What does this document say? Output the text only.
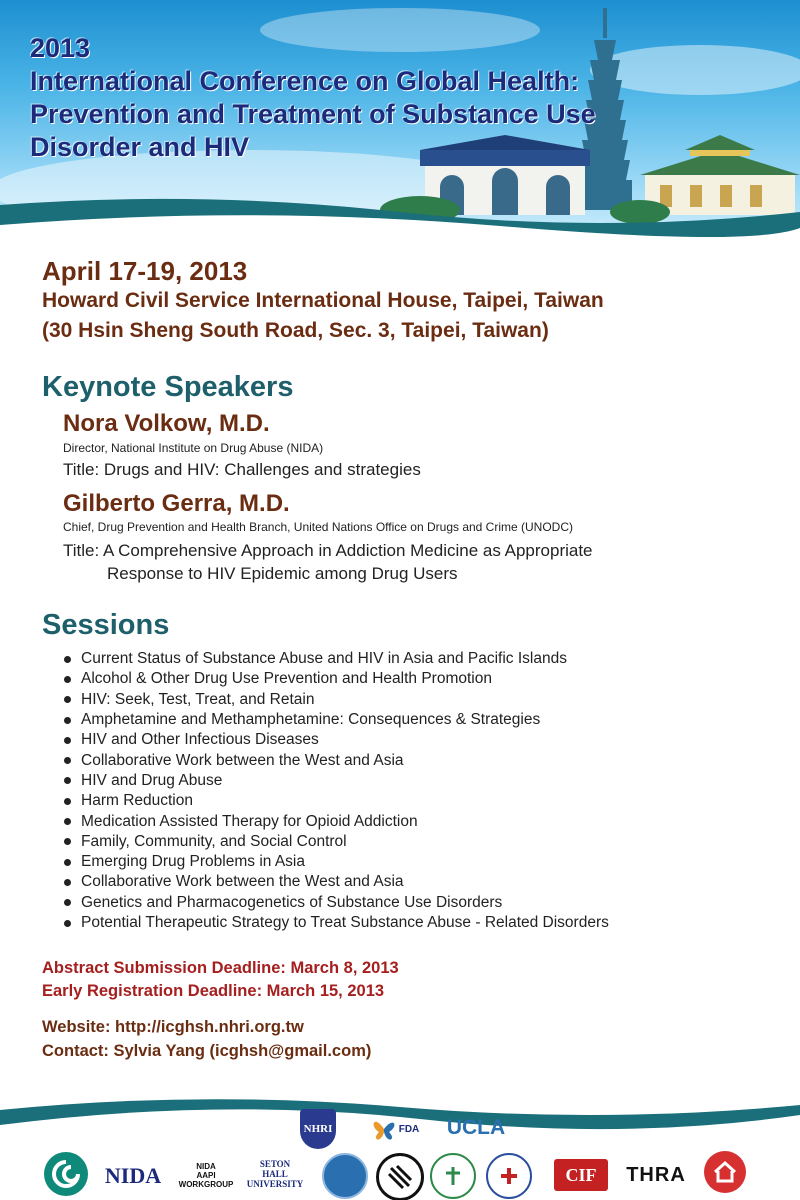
2013
International Conference on Global Health:
Prevention and Treatment of Substance Use
Disorder and HIV

April 17-19, 2013

Howard Civil Service International House, Taipei, Taiwan

(30 Hsin Sheng South Road, Sec. 3, Taipei, Taiwan)

Keynote Speakers

Nora Volkow, M.D.

Director, National Institute on Drug Abuse (NIDA)

Title: Drugs and HIV: Challenges and strategies

Gilberto Gerra, M.D.

Chief, Drug Prevention and Health Branch, United Nations Office on Drugs and Crime (UNODC)

Title: A Comprehensive Approach in Addiction Medicine as Appropriate

Response to HIV Epidemic among Drug Users

Sessions
Current Status of Substance Abuse and HIV in Asia and Pacific Islands
Alcohol & Other Drug Use Prevention and Health Promotion
HIV: Seek, Test, Treat, and Retain
Amphetamine and Methamphetamine: Consequences & Strategies
HIV and Other Infectious Diseases
Collaborative Work between the West and Asia
HIV and Drug Abuse
Harm Reduction
Medication Assisted Therapy for Opioid Addiction
Family, Community, and Social Control
Emerging Drug Problems in Asia
Collaborative Work between the West and Asia
Genetics and Pharmacogenetics of Substance Use Disorders
Potential Therapeutic Strategy to Treat Substance Abuse - Related Disorders

Abstract Submission Deadline: March 8, 2013

Early Registration Deadline: March 15, 2013

Website: http://icghsh.nhri.org.tw

Contact: Sylvia Yang (icghsh@gmail.com)

NHRI	FDA UCLA
NIDA	NIDA
AAPI
WORKGROUP
SETON
HALL
UNIVERSITY	CIF THRA
